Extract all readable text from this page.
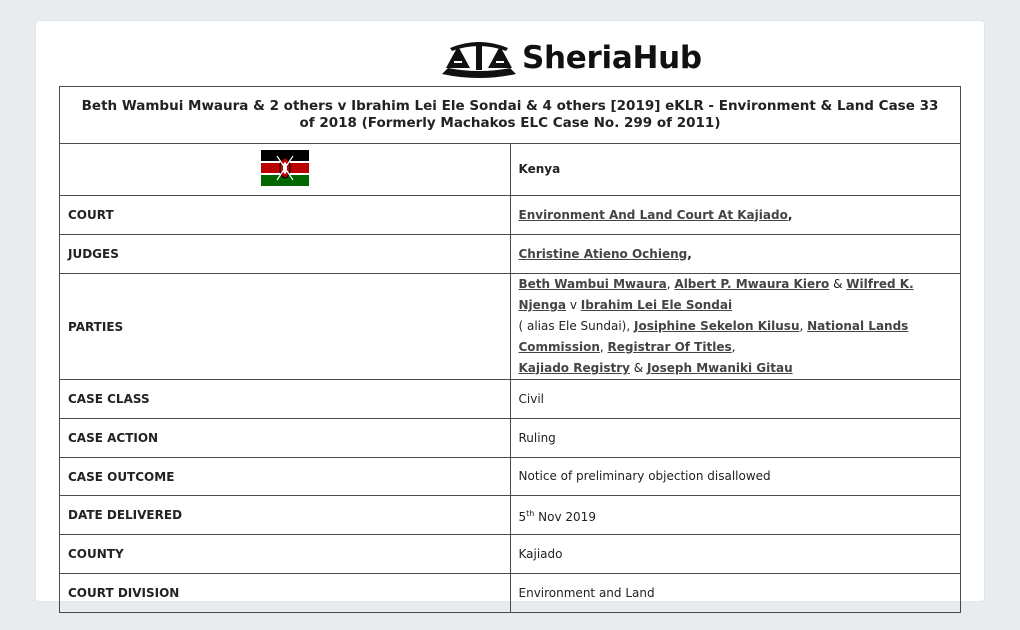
SheriaHub
Beth Wambui Mwaura & 2 others v Ibrahim Lei Ele Sondai & 4 others [2019] eKLR - Environment & Land Case 33 of 2018 (Formerly Machakos ELC Case No. 299 of 2011)	
	Kenya
COURT	Environment And Land Court At Kajiado,
JUDGES	Christine Atieno Ochieng,
PARTIES	Beth Wambui Mwaura, Albert P. Mwaura Kiero & Wilfred K. Njenga v Ibrahim Lei Ele Sondai
( alias Ele Sundai), Josiphine Sekelon Kilusu, National Lands Commission, Registrar Of Titles,
Kajiado Registry & Joseph Mwaniki Gitau
CASE CLASS	Civil
CASE ACTION	Ruling
CASE OUTCOME	Notice of preliminary objection disallowed
DATE DELIVERED	5th Nov 2019
COUNTY	Kajiado
COURT DIVISION	Environment and Land
